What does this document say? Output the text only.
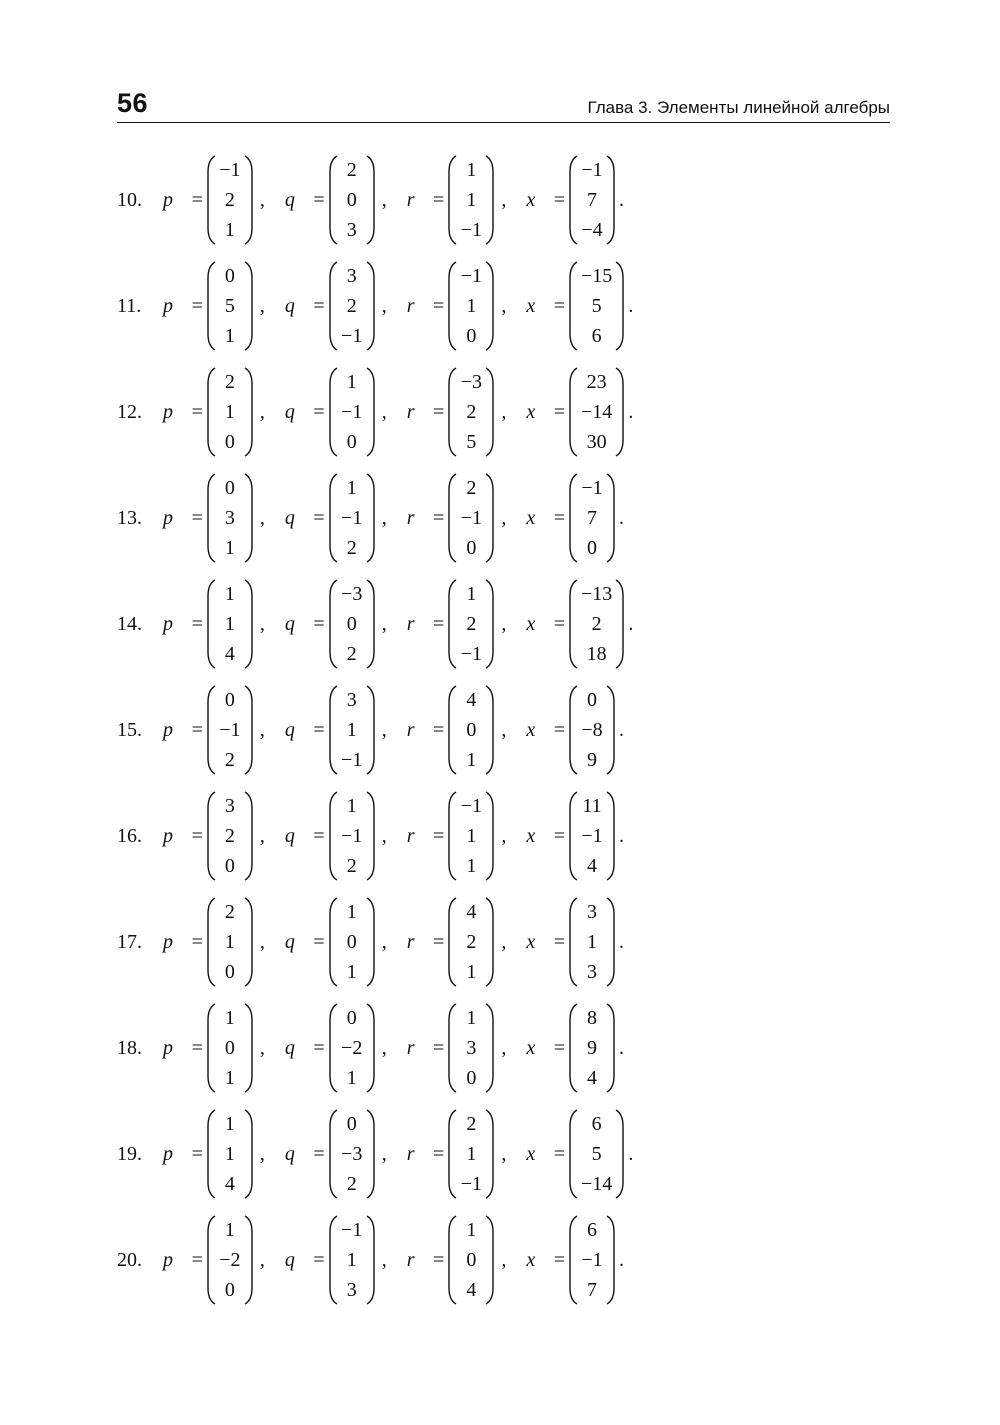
56	Глава 3. Элементы линейной алгебры
10.	p⃗ =
−1
2
1
, q⃗ =
2
0
3
, r⃗ =
1
1
−1
, x⃗ =
−1
7
−4
.
11.	p⃗ =
0
5
1
, q⃗ =
3
2
−1
, r⃗ =
−1
1
0
, x⃗ =
−15
5
6
.
12.	p⃗ =
2
1
0
, q⃗ =
1
−1
0
, r⃗ =
−3
2
5
, x⃗ =
23
−14
30
.
13.	p⃗ =
0
3
1
, q⃗ =
1
−1
2
, r⃗ =
2
−1
0
, x⃗ =
−1
7
0
.
14.	p⃗ =
1
1
4
, q⃗ =
−3
0
2
, r⃗ =
1
2
−1
, x⃗ =
−13
2
18
.
15.	p⃗ =
0
−1
2
, q⃗ =
3
1
−1
, r⃗ =
4
0
1
, x⃗ =
0
−8
9
.
16.	p⃗ =
3
2
0
, q⃗ =
1
−1
2
, r⃗ =
−1
1
1
, x⃗ =
11
−1
4
.
17.	p⃗ =
2
1
0
, q⃗ =
1
0
1
, r⃗ =
4
2
1
, x⃗ =
3
1
3
.
18.	p⃗ =
1
0
1
, q⃗ =
0
−2
1
, r⃗ =
1
3
0
, x⃗ =
8
9
4
.
19.	p⃗ =
1
1
4
, q⃗ =
0
−3
2
, r⃗ =
2
1
−1
, x⃗ =
6
5
−14
.
20.	p⃗ =
1
−2
0
, q⃗ =
−1
1
3
, r⃗ =
1
0
4
, x⃗ =
6
−1
7
.
